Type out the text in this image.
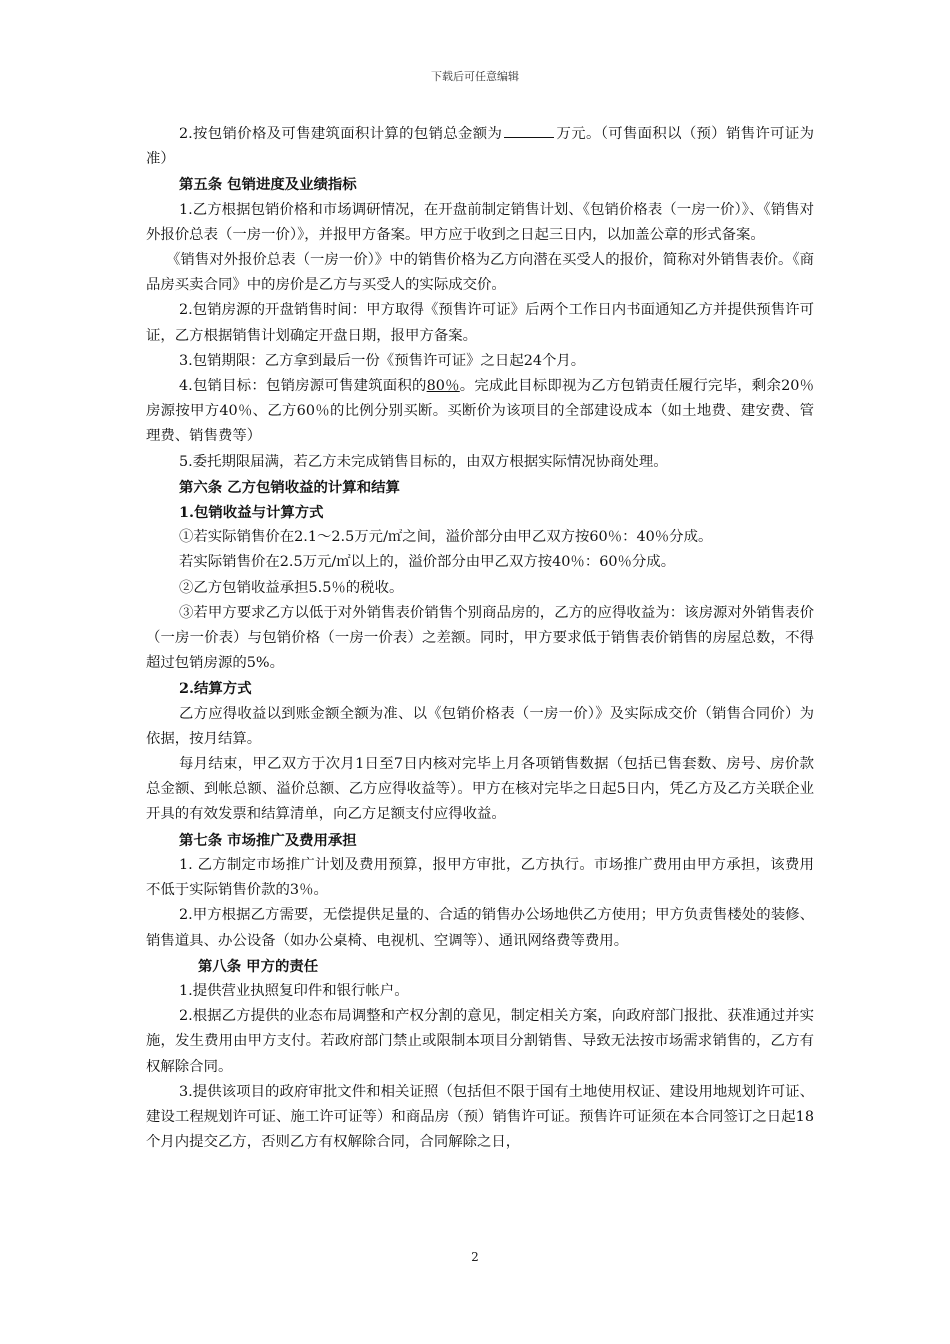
下载后可任意编辑

2.按包销价格及可售建筑面积计算的包销总金额为	万元。（可售面积以（预）销售许可证为准）

第五条 包销进度及业绩指标

1.乙方根据包销价格和市场调研情况，在开盘前制定销售计划、《包销价格表（一房一价）》、《销售对外报价总表（一房一价）》，并报甲方备案。甲方应于收到之日起三日内，以加盖公章的形式备案。

《销售对外报价总表（一房一价）》中的销售价格为乙方向潜在买受人的报价，简称对外销售表价。《商品房买卖合同》中的房价是乙方与买受人的实际成交价。

2.包销房源的开盘销售时间：甲方取得《预售许可证》后两个工作日内书面通知乙方并提供预售许可证，乙方根据销售计划确定开盘日期，报甲方备案。

3.包销期限：乙方拿到最后一份《预售许可证》之日起24个月。

4.包销目标：包销房源可售建筑面积的80％。完成此目标即视为乙方包销责任履行完毕，剩余20％房源按甲方40％、乙方60％的比例分别买断。买断价为该项目的全部建设成本（如土地费、建安费、管理费、销售费等）

5.委托期限届满，若乙方未完成销售目标的，由双方根据实际情况协商处理。

第六条 乙方包销收益的计算和结算

1.包销收益与计算方式

①若实际销售价在2.1～2.5万元/㎡之间，溢价部分由甲乙双方按60％：40％分成。

若实际销售价在2.5万元/㎡以上的，溢价部分由甲乙双方按40％：60％分成。

②乙方包销收益承担5.5％的税收。

③若甲方要求乙方以低于对外销售表价销售个别商品房的，乙方的应得收益为：该房源对外销售表价（一房一价表）与包销价格（一房一价表）之差额。同时，甲方要求低于销售表价销售的房屋总数，不得超过包销房源的5%。

2.结算方式

乙方应得收益以到账金额全额为准、以《包销价格表（一房一价）》及实际成交价（销售合同价）为依据，按月结算。

每月结束，甲乙双方于次月1日至7日内核对完毕上月各项销售数据（包括已售套数、房号、房价款总金额、到帐总额、溢价总额、乙方应得收益等）。甲方在核对完毕之日起5日内，凭乙方及乙方关联企业开具的有效发票和结算清单，向乙方足额支付应得收益。

第七条 市场推广及费用承担

1. 乙方制定市场推广计划及费用预算，报甲方审批，乙方执行。市场推广费用由甲方承担，该费用不低于实际销售价款的3％。

2.甲方根据乙方需要，无偿提供足量的、合适的销售办公场地供乙方使用；甲方负责售楼处的装修、销售道具、办公设备（如办公桌椅、电视机、空调等）、通讯网络费等费用。

第八条 甲方的责任

1.提供营业执照复印件和银行帐户。

2.根据乙方提供的业态布局调整和产权分割的意见，制定相关方案，向政府部门报批、获准通过并实施，发生费用由甲方支付。若政府部门禁止或限制本项目分割销售、导致无法按市场需求销售的，乙方有权解除合同。

3.提供该项目的政府审批文件和相关证照（包括但不限于国有土地使用权证、建设用地规划许可证、建设工程规划许可证、施工许可证等）和商品房（预）销售许可证。预售许可证须在本合同签订之日起18个月内提交乙方，否则乙方有权解除合同，合同解除之日，

2
